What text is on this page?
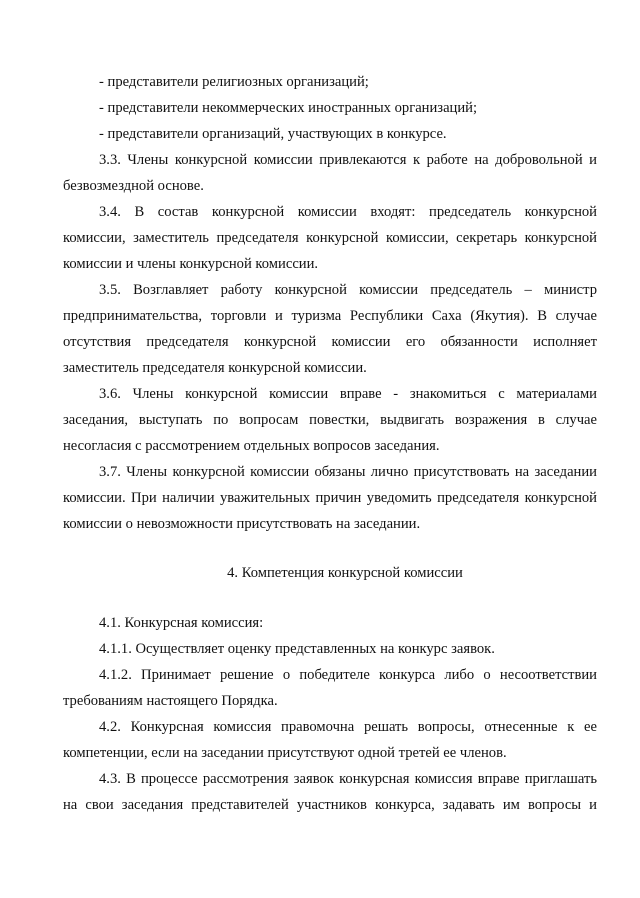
- представители религиозных организаций;
- представители некоммерческих иностранных организаций;
- представители организаций, участвующих в конкурсе.
3.3. Члены конкурсной комиссии привлекаются к работе на добровольной и
безвозмездной основе.
3.4. В состав конкурсной комиссии входят: председатель конкурсной
комиссии, заместитель председателя конкурсной комиссии, секретарь конкурсной
комиссии и члены конкурсной комиссии.
3.5. Возглавляет работу конкурсной комиссии председатель – министр
предпринимательства, торговли и туризма Республики Саха (Якутия). В случае
отсутствия председателя конкурсной комиссии его обязанности исполняет
заместитель председателя конкурсной комиссии.
3.6. Члены конкурсной комиссии вправе - знакомиться с материалами
заседания, выступать по вопросам повестки, выдвигать возражения в случае
несогласия с рассмотрением отдельных вопросов заседания.
3.7. Члены конкурсной комиссии обязаны лично присутствовать на заседании
комиссии. При наличии уважительных причин уведомить председателя конкурсной
комиссии о невозможности присутствовать на заседании.
4. Компетенция конкурсной комиссии
4.1. Конкурсная комиссия:
4.1.1. Осуществляет оценку представленных на конкурс заявок.
4.1.2. Принимает решение о победителе конкурса либо о несоответствии
требованиям настоящего Порядка.
4.2. Конкурсная комиссия правомочна решать вопросы, отнесенные к ее
компетенции, если на заседании присутствуют одной третей ее членов.
4.3. В процессе рассмотрения заявок конкурсная комиссия вправе приглашать
на свои заседания представителей участников конкурса, задавать им вопросы и
